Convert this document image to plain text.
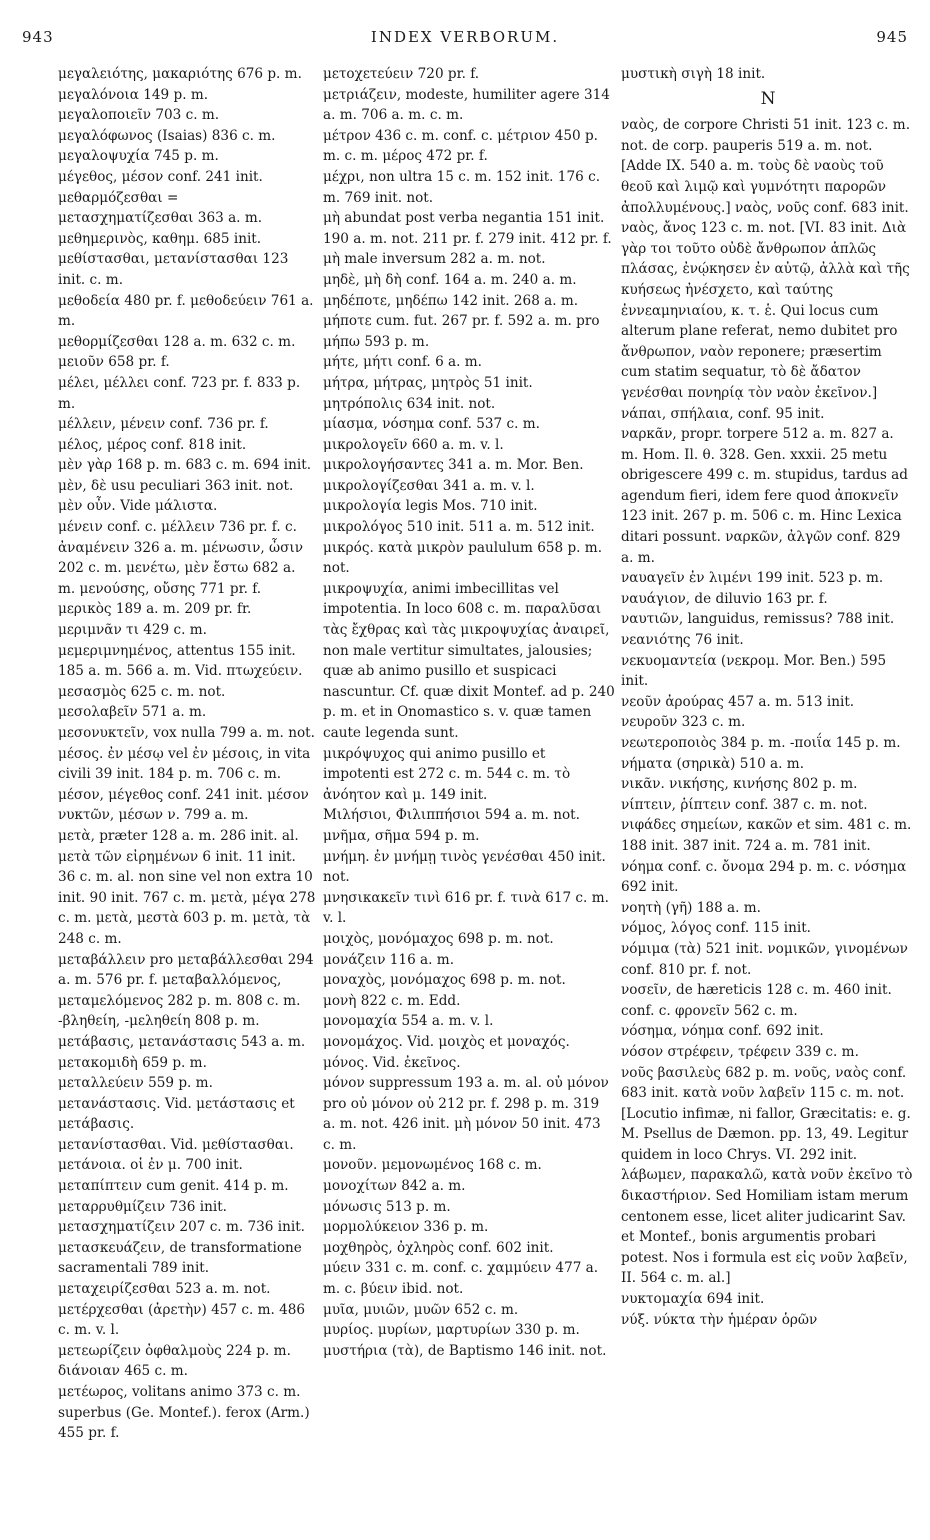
943	INDEX VERBORUM.	945

μεγαλειότης, μακαριότης 676 p. m.

μεγαλόνοια 149 p. m.

μεγαλοποιεῖν 703 c. m.

μεγαλόφωνος (Isaias) 836 c. m.

μεγαλοψυχία 745 p. m.

μέγεθος, μέσον conf. 241 init.

μεθαρμόζεσθαι = μετασχηματίζεσθαι 363 a. m.

μεθημερινὸς, καθημ. 685 init.

μεθίστασθαι, μετανίστασθαι 123 init. c. m.

μεθοδεία 480 pr. f. μεθοδεύειν 761 a. m.

μεθορμίζεσθαι 128 a. m. 632 c. m.

μειοῦν 658 pr. f.

μέλει, μέλλει conf. 723 pr. f. 833 p. m.

μέλλειν, μένειν conf. 736 pr. f.

μέλος, μέρος conf. 818 init.

μὲν γὰρ 168 p. m. 683 c. m. 694 init. μὲν, δὲ usu peculiari 363 init. not. μὲν οὖν. Vide μάλιστα.

μένειν conf. c. μέλλειν 736 pr. f. c. ἀναμένειν 326 a. m. μένωσιν, ὦσιν 202 c. m. μενέτω, μὲν ἔστω 682 a. m. μενούσης, οὔσης 771 pr. f.

μερικὸς 189 a. m. 209 pr. fr.

μεριμνᾶν τι 429 c. m. μεμεριμνημένος, attentus 155 init. 185 a. m. 566 a. m. Vid. πτωχεύειν.

μεσασμὸς 625 c. m. not.

μεσολαβεῖν 571 a. m.

μεσονυκτεῖν, vox nulla 799 a. m. not.

μέσος. ἐν μέσῳ vel ἐν μέσοις, in vita civili 39 init. 184 p. m. 706 c. m. μέσον, μέγεθος conf. 241 init. μέσον νυκτῶν, μέσων ν. 799 a. m.

μετὰ, præter 128 a. m. 286 init. al. μετὰ τῶν εἰρημένων 6 init. 11 init. 36 c. m. al. non sine vel non extra 10 init. 90 init. 767 c. m. μετὰ, μέγα 278 c. m. μετὰ, μεστὰ 603 p. m. μετὰ, τὰ 248 c. m.

μεταβάλλειν pro μεταβάλλεσθαι 294 a. m. 576 pr. f. μεταβαλλόμενος, μεταμελόμενος 282 p. m. 808 c. m. -βληθείη, -μεληθείη 808 p. m.

μετάβασις, μετανάστασις 543 a. m.

μετακομιδὴ 659 p. m.

μεταλλεύειν 559 p. m.

μετανάστασις. Vid. μετάστασις et μετάβασις.

μετανίστασθαι. Vid. μεθίστασθαι.

μετάνοια. οἱ ἐν μ. 700 init.

μεταπίπτειν cum genit. 414 p. m.

μεταρρυθμίζειν 736 init.

μετασχηματίζειν 207 c. m. 736 init.

μετασκευάζειν, de transformatione sacramentali 789 init.

μεταχειρίζεσθαι 523 a. m. not.

μετέρχεσθαι (ἀρετὴν) 457 c. m. 486 c. m. v. l.

μετεωρίζειν ὀφθαλμοὺς 224 p. m. διάνοιαν 465 c. m.

μετέωρος, volitans animo 373 c. m. superbus (Ge. Montef.). ferox (Arm.) 455 pr. f.

μετοχετεύειν 720 pr. f.

μετριάζειν, modeste, humiliter agere 314 a. m. 706 a. m. c. m.

μέτρον 436 c. m. conf. c. μέτριον 450 p. m. c. m. μέρος 472 pr. f.

μέχρι, non ultra 15 c. m. 152 init. 176 c. m. 769 init. not.

μὴ abundat post verba negantia 151 init. 190 a. m. not. 211 pr. f. 279 init. 412 pr. f. μὴ male inversum 282 a. m. not.

μηδὲ, μὴ δὴ conf. 164 a. m. 240 a. m.

μηδέποτε, μηδέπω 142 init. 268 a. m.

μήποτε cum. fut. 267 pr. f. 592 a. m. pro μήπω 593 p. m.

μήτε, μήτι conf. 6 a. m.

μήτρα, μήτρας, μητρὸς 51 init.

μητρόπολις 634 init. not.

μίασμα, νόσημα conf. 537 c. m.

μικρολογεῖν 660 a. m. v. l. μικρολογήσαντες 341 a. m. Mor. Ben.

μικρολογίζεσθαι 341 a. m. v. l.

μικρολογία legis Mos. 710 init.

μικρολόγος 510 init. 511 a. m. 512 init.

μικρός. κατὰ μικρὸν paululum 658 p. m. not.

μικροψυχία, animi imbecillitas vel impotentia. In loco 608 c. m. παραλῦσαι τὰς ἔχθρας καὶ τὰς μικροψυχίας ἀναιρεῖ, non male vertitur simultates, jalousies; quæ ab animo pusillo et suspicaci nascuntur. Cf. quæ dixit Montef. ad p. 240 p. m. et in Onomastico s. v. quæ tamen caute legenda sunt.

μικρόψυχος qui animo pusillo et impotenti est 272 c. m. 544 c. m. τὸ ἀνόητον καὶ μ. 149 init.

Μιλήσιοι, Φιλιππήσιοι 594 a. m. not.

μνῆμα, σῆμα 594 p. m.

μνήμη. ἐν μνήμῃ τινὸς γενέσθαι 450 init. not.

μνησικακεῖν τινὶ 616 pr. f. τινὰ 617 c. m. v. l.

μοιχὸς, μονόμαχος 698 p. m. not.

μονάζειν 116 a. m.

μοναχὸς, μονόμαχος 698 p. m. not.

μονὴ 822 c. m. Edd.

μονομαχία 554 a. m. v. l.

μονομάχος. Vid. μοιχὸς et μοναχός.

μόνος. Vid. ἐκεῖνος.

μόνον suppressum 193 a. m. al. οὐ μόνον pro οὐ μόνον οὐ 212 pr. f. 298 p. m. 319 a. m. not. 426 init. μὴ μόνον 50 init. 473 c. m.

μονοῦν. μεμονωμένος 168 c. m.

μονοχίτων 842 a. m.

μόνωσις 513 p. m.

μορμολύκειον 336 p. m.

μοχθηρὸς, ὀχληρὸς conf. 602 init.

μύειν 331 c. m. conf. c. χαμμύειν 477 a. m. c. βύειν ibid. not.

μυῖα, μυιῶν, μυῶν 652 c. m.

μυρίος. μυρίων, μαρτυρίων 330 p. m.

μυστήρια (τὰ), de Baptismo 146 init. not.

μυστικὴ σιγὴ 18 init.

N

ναὸς, de corpore Christi 51 init. 123 c. m. not. de corp. pauperis 519 a. m. not. [Adde IX. 540 a. m. τοὺς δὲ ναοὺς τοῦ θεοῦ καὶ λιμῷ καὶ γυμνότητι παρορῶν ἀπολλυμένους.] ναὸς, νοῦς conf. 683 init. ναὸς, ἄνος 123 c. m. not. [VI. 83 init. Διὰ γὰρ τοι τοῦτο οὐδὲ ἄνθρωπον ἁπλῶς πλάσας, ἐνῴκησεν ἐν αὐτῷ, ἀλλὰ καὶ τῆς κυήσεως ἠνέσχετο, καὶ ταύτης ἐννεαμηνιαίου, κ. τ. ἑ. Qui locus cum alterum plane referat, nemo dubitet pro ἄνθρωπον, ναὸν reponere; præsertim cum statim sequatur, τὸ δὲ ἄδατον γενέσθαι πονηρίᾳ τὸν ναὸν ἐκεῖνον.]

νάπαι, σπήλαια, conf. 95 init.

ναρκᾶν, propr. torpere 512 a. m. 827 a. m. Hom. Il. θ. 328. Gen. xxxii. 25 metu obrigescere 499 c. m. stupidus, tardus ad agendum fieri, idem fere quod ἀποκνεῖν 123 init. 267 p. m. 506 c. m. Hinc Lexica ditari possunt. ναρκῶν, ἀλγῶν conf. 829 a. m.

ναυαγεῖν ἐν λιμένι 199 init. 523 p. m.

ναυάγιον, de diluvio 163 pr. f.

ναυτιῶν, languidus, remissus? 788 init.

νεανιότης 76 init.

νεκυομαντεία (νεκρομ. Mor. Ben.) 595 init.

νεοῦν ἀρούρας 457 a. m. 513 init.

νευροῦν 323 c. m.

νεωτεροποιὸς 384 p. m. -ποιΐα 145 p. m.

νήματα (σηρικὰ) 510 a. m.

νικᾶν. νικήσης, κινήσης 802 p. m.

νίπτειν, ῥίπτειν conf. 387 c. m. not.

νιφάδες σημείων, κακῶν et sim. 481 c. m. 188 init. 387 init. 724 a. m. 781 init.

νόημα conf. c. ὄνομα 294 p. m. c. νόσημα 692 init.

νοητὴ (γῆ) 188 a. m.

νόμος, λόγος conf. 115 init.

νόμιμα (τὰ) 521 init. νομικῶν, γινομένων conf. 810 pr. f. not.

νοσεῖν, de hæreticis 128 c. m. 460 init. conf. c. φρονεῖν 562 c. m.

νόσημα, νόημα conf. 692 init.

νόσον στρέφειν, τρέφειν 339 c. m.

νοῦς βασιλεὺς 682 p. m. νοῦς, ναὸς conf. 683 init. κατὰ νοῦν λαβεῖν 115 c. m. not. [Locutio infimæ, ni fallor, Græcitatis: e. g. M. Psellus de Dæmon. pp. 13, 49. Legitur quidem in loco Chrys. VI. 292 init. λάβωμεν, παρακαλῶ, κατὰ νοῦν ἐκεῖνο τὸ δικαστήριον. Sed Homiliam istam merum centonem esse, licet aliter judicarint Sav. et Montef., bonis argumentis probari potest. Nos i formula est εἰς νοῦν λαβεῖν, II. 564 c. m. al.]

νυκτομαχία 694 init.

νύξ. νύκτα τὴν ἡμέραν ὁρῶν
